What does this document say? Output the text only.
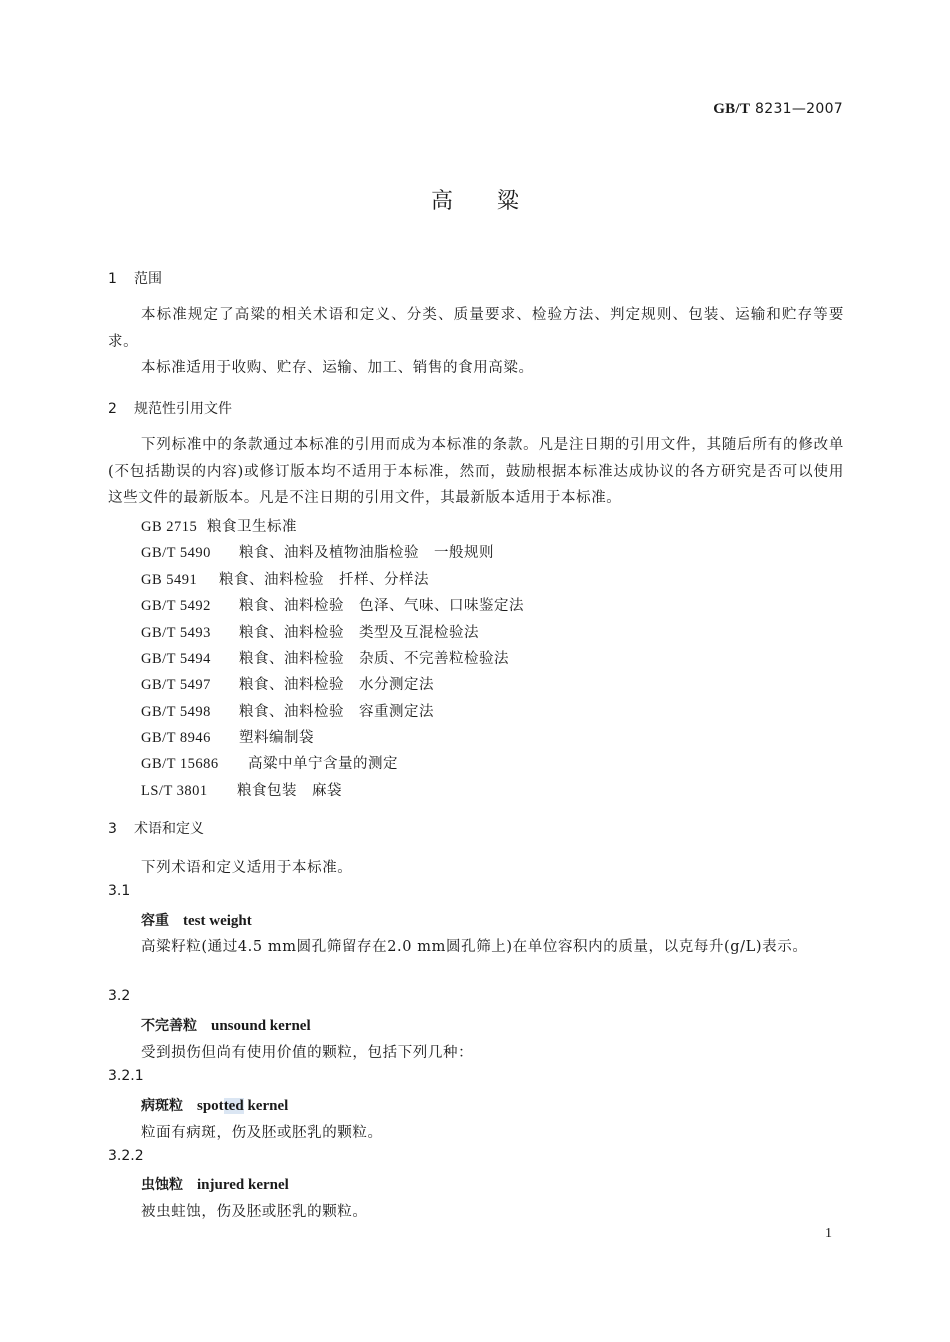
GB/T 8231—2007
高粱
1 范围
本标准规定了高粱的相关术语和定义、分类、质量要求、检验方法、判定规则、包装、运输和贮存等要求。
本标准适用于收购、贮存、运输、加工、销售的食用高粱。
2 规范性引用文件
下列标准中的条款通过本标准的引用而成为本标准的条款。凡是注日期的引用文件，其随后所有的修改单(不包括勘误的内容)或修订版本均不适用于本标准，然而，鼓励根据本标准达成协议的各方研究是否可以使用这些文件的最新版本。凡是不注日期的引用文件，其最新版本适用于本标准。
GB 2715 粮食卫生标准
GB/T 5490 粮食、油料及植物油脂检验　一般规则
GB 5491 粮食、油料检验　扦样、分样法
GB/T 5492 粮食、油料检验　色泽、气味、口味鉴定法
GB/T 5493 粮食、油料检验　类型及互混检验法
GB/T 5494 粮食、油料检验　杂质、不完善粒检验法
GB/T 5497 粮食、油料检验　水分测定法
GB/T 5498 粮食、油料检验　容重测定法
GB/T 8946 塑料编制袋
GB/T 15686 高粱中单宁含量的测定
LS/T 3801 粮食包装　麻袋
3 术语和定义
下列术语和定义适用于本标准。
3.1
容重 test weight
高粱籽粒(通过4.5 mm圆孔筛留存在2.0 mm圆孔筛上)在单位容积内的质量，以克每升(g/L)表示。
3.2
不完善粒 unsound kernel
受到损伤但尚有使用价值的颗粒，包括下列几种：
3.2.1
病斑粒 spotted kernel
粒面有病斑，伤及胚或胚乳的颗粒。
3.2.2
虫蚀粒 injured kernel
被虫蛀蚀，伤及胚或胚乳的颗粒。
1
